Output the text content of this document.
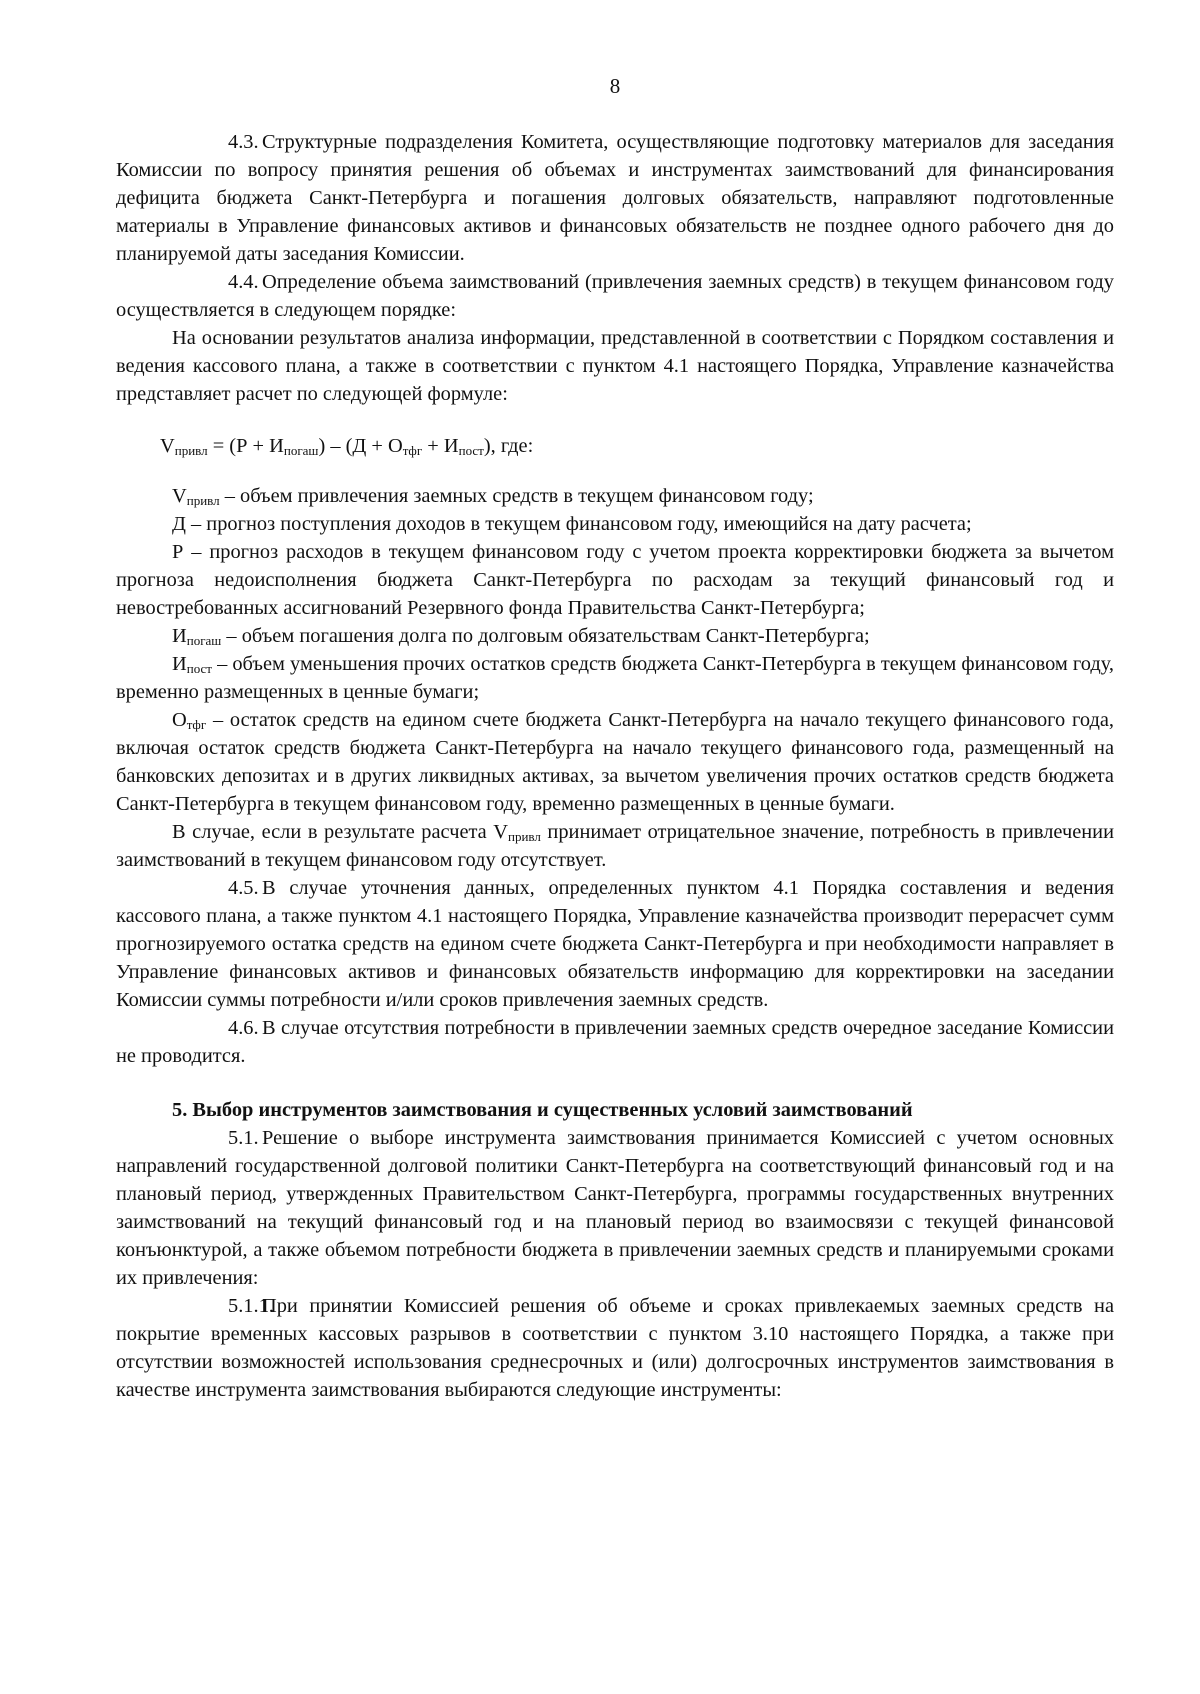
8

4.3. Структурные подразделения Комитета, осуществляющие подготовку материалов для заседания Комиссии по вопросу принятия решения об объемах и инструментах заимствований для финансирования дефицита бюджета Санкт-Петербурга и погашения долговых обязательств, направляют подготовленные материалы в Управление финансовых активов и финансовых обязательств не позднее одного рабочего дня до планируемой даты заседания Комиссии.

4.4. Определение объема заимствований (привлечения заемных средств) в текущем финансовом году осуществляется в следующем порядке:

На основании результатов анализа информации, представленной в соответствии с Порядком составления и ведения кассового плана, а также в соответствии с пунктом 4.1 настоящего Порядка, Управление казначейства представляет расчет по следующей формуле:

$V_{привл} = (Р + И_{погаш}) - (Д + О_{тфг} + И_{пост})$, где:

$V_{привл}$ – объем привлечения заемных средств в текущем финансовом году;

Д – прогноз поступления доходов в текущем финансовом году, имеющийся на дату расчета;

Р – прогноз расходов в текущем финансовом году с учетом проекта корректировки бюджета за вычетом прогноза недоисполнения бюджета Санкт-Петербурга по расходам за текущий финансовый год и невостребованных ассигнований Резервного фонда Правительства Санкт-Петербурга;

$И_{погаш}$ – объем погашения долга по долговым обязательствам Санкт-Петербурга;

$И_{пост}$ – объем уменьшения прочих остатков средств бюджета Санкт-Петербурга в текущем финансовом году, временно размещенных в ценные бумаги;

$О_{тфг}$ – остаток средств на едином счете бюджета Санкт-Петербурга на начало текущего финансового года, включая остаток средств бюджета Санкт-Петербурга на начало текущего финансового года, размещенный на банковских депозитах и в других ликвидных активах, за вычетом увеличения прочих остатков средств бюджета Санкт-Петербурга в текущем финансовом году, временно размещенных в ценные бумаги.

В случае, если в результате расчета $V_{привл}$ принимает отрицательное значение, потребность в привлечении заимствований в текущем финансовом году отсутствует.

4.5. В случае уточнения данных, определенных пунктом 4.1 Порядка составления и ведения кассового плана, а также пунктом 4.1 настоящего Порядка, Управление казначейства производит перерасчет сумм прогнозируемого остатка средств на едином счете бюджета Санкт-Петербурга и при необходимости направляет в Управление финансовых активов и финансовых обязательств информацию для корректировки на заседании Комиссии суммы потребности и/или сроков привлечения заемных средств.

4.6. В случае отсутствия потребности в привлечении заемных средств очередное заседание Комиссии не проводится.

5. Выбор инструментов заимствования и существенных условий заимствований

5.1. Решение о выборе инструмента заимствования принимается Комиссией с учетом основных направлений государственной долговой политики Санкт-Петербурга на соответствующий финансовый год и на плановый период, утвержденных Правительством Санкт-Петербурга, программы государственных внутренних заимствований на текущий финансовый год и на плановый период во взаимосвязи с текущей финансовой конъюнктурой, а также объемом потребности бюджета в привлечении заемных средств и планируемыми сроками их привлечения:

5.1.1.При принятии Комиссией решения об объеме и сроках привлекаемых заемных средств на покрытие временных кассовых разрывов в соответствии с пунктом 3.10 настоящего Порядка, а также при отсутствии возможностей использования среднесрочных и (или) долгосрочных инструментов заимствования в качестве инструмента заимствования выбираются следующие инструменты:
